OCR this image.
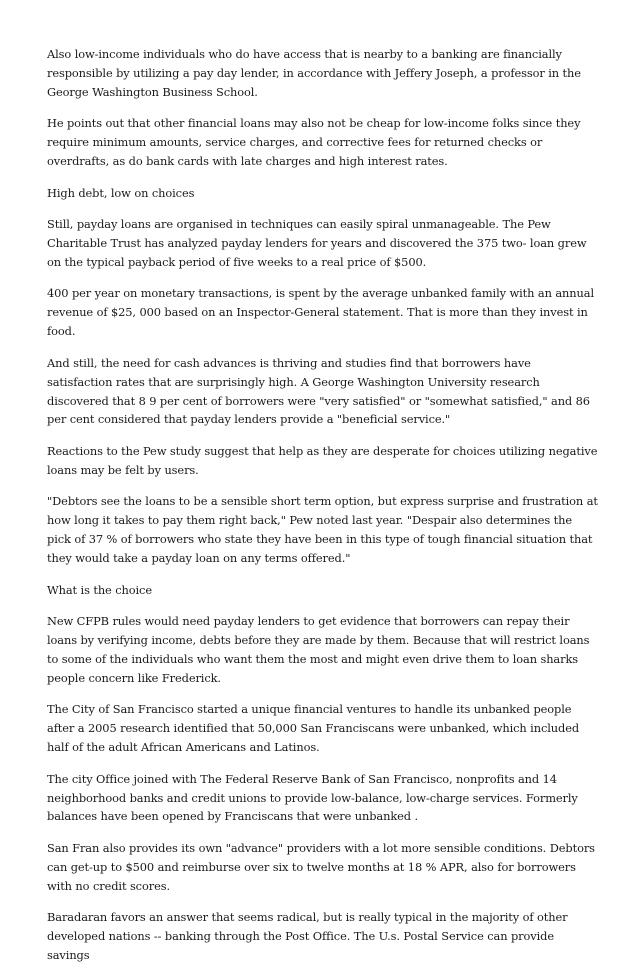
Also low-income individuals who do have access that is nearby to a banking are financially responsible by utilizing a pay day lender, in accordance with Jeffery Joseph, a professor in the George Washington Business School.

He points out that other financial loans may also not be cheap for low-income folks since they require minimum amounts, service charges, and corrective fees for returned checks or overdrafts, as do bank cards with late charges and high interest rates.

High debt, low on choices

Still, payday loans are organised in techniques can easily spiral unmanageable. The Pew Charitable Trust has analyzed payday lenders for years and discovered the 375 two- loan grew on the typical payback period of five weeks to a real price of $500.

400 per year on monetary transactions, is spent by the average unbanked family with an annual revenue of $25, 000 based on an Inspector-General statement. That is more than they invest in food.

And still, the need for cash advances is thriving and studies find that borrowers have satisfaction rates that are surprisingly high. A George Washington University research discovered that 8 9 per cent of borrowers were "very satisfied" or "somewhat satisfied," and 86 per cent considered that payday lenders provide a "beneficial service."

Reactions to the Pew study suggest that help as they are desperate for choices utilizing negative loans may be felt by users.

"Debtors see the loans to be a sensible short term option, but express surprise and frustration at how long it takes to pay them right back," Pew noted last year. "Despair also determines the pick of 37 % of borrowers who state they have been in this type of tough financial situation that they would take a payday loan on any terms offered."

What is the choice

New CFPB rules would need payday lenders to get evidence that borrowers can repay their loans by verifying income, debts before they are made by them. Because that will restrict loans to some of the individuals who want them the most and might even drive them to loan sharks people concern like Frederick.

The City of San Francisco started a unique financial ventures to handle its unbanked people after a 2005 research identified that 50,000 San Franciscans were unbanked, which included half of the adult African Americans and Latinos.

The city Office joined with The Federal Reserve Bank of San Francisco, nonprofits and 14 neighborhood banks and credit unions to provide low-balance, low-charge services. Formerly balances have been opened by Franciscans that were unbanked .

San Fran also provides its own "advance" providers with a lot more sensible conditions. Debtors can get-up to $500 and reimburse over six to twelve months at 18 % APR, also for borrowers with no credit scores.

Baradaran favors an answer that seems radical, but is really typical in the majority of other developed nations -- banking through the Post Office. The U.s. Postal Service can provide savings
